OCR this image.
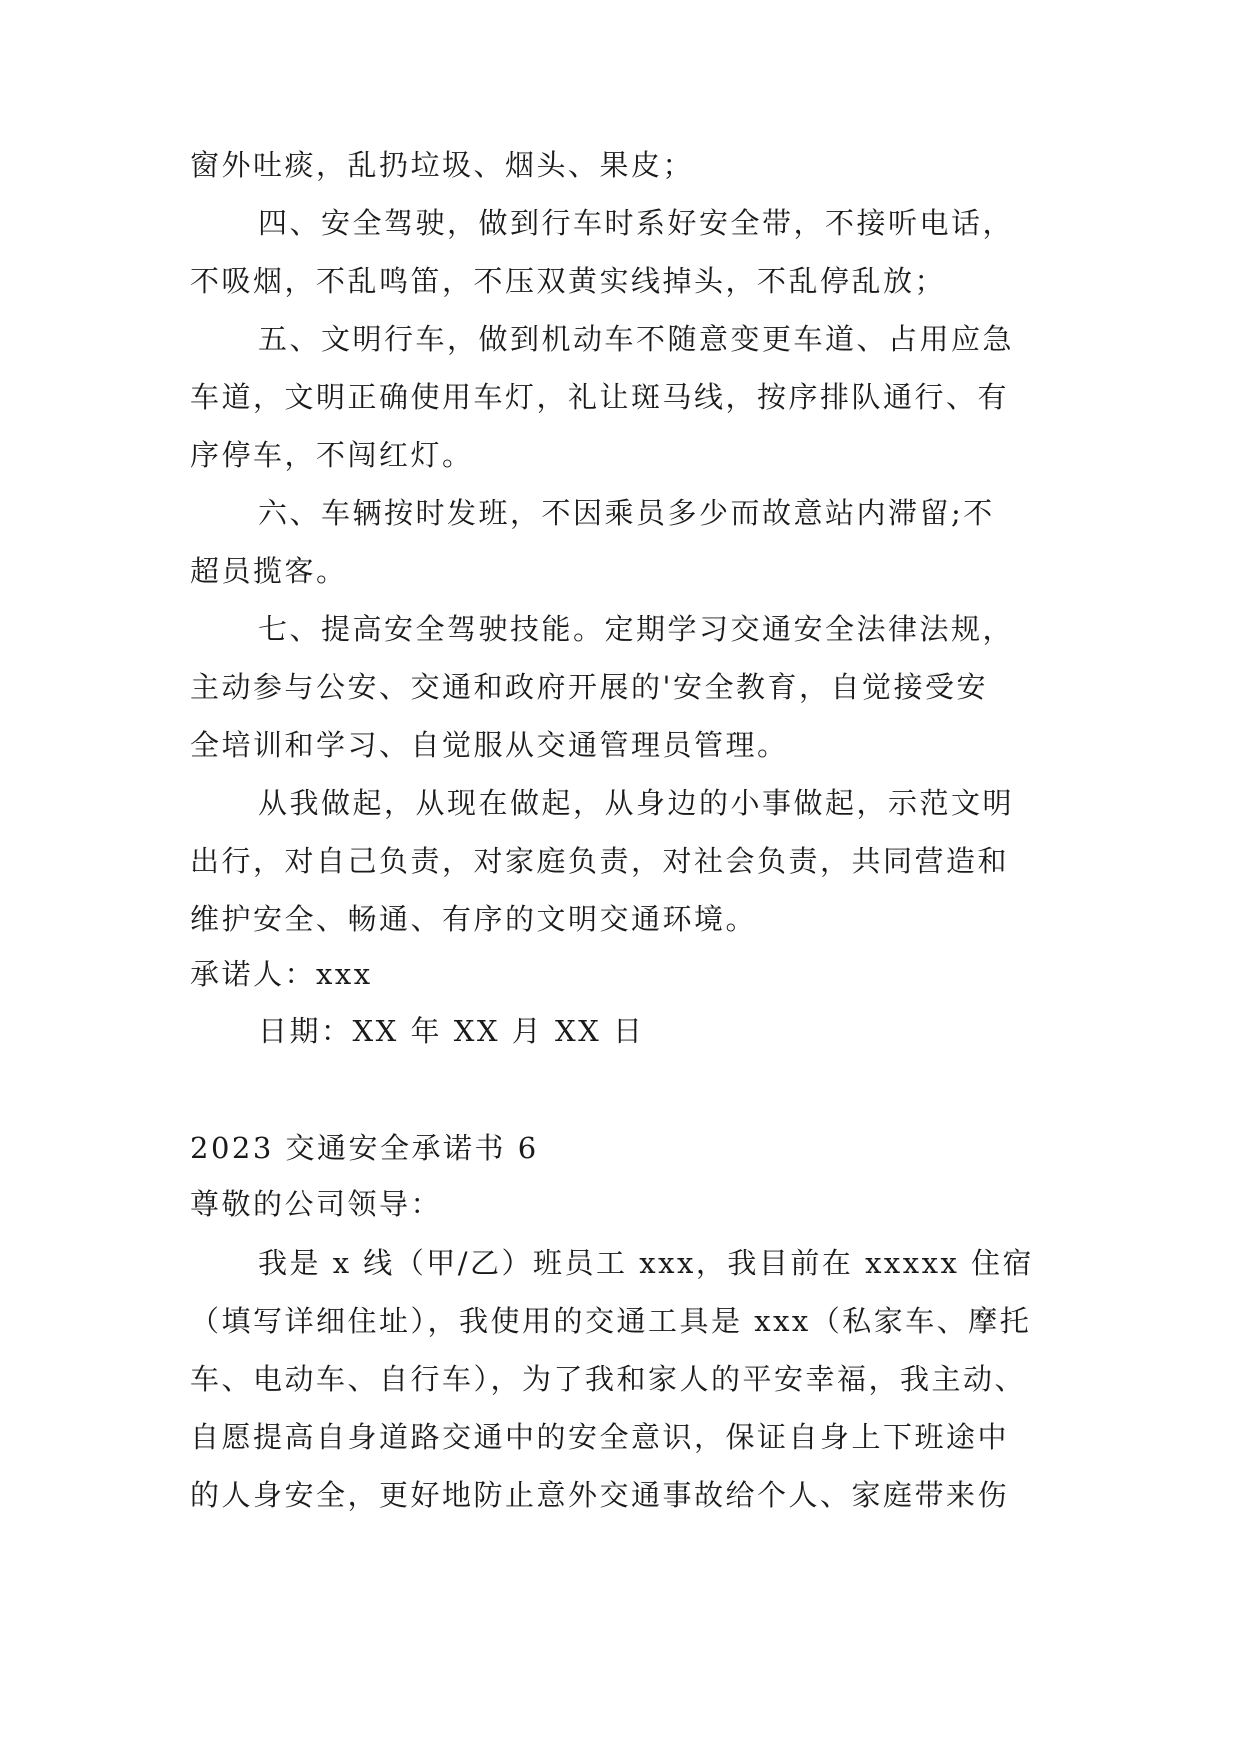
窗外吐痰，乱扔垃圾、烟头、果皮；
四、安全驾驶，做到行车时系好安全带，不接听电话，
不吸烟，不乱鸣笛，不压双黄实线掉头，不乱停乱放；
五、文明行车，做到机动车不随意变更车道、占用应急
车道，文明正确使用车灯，礼让斑马线，按序排队通行、有
序停车，不闯红灯。
六、车辆按时发班，不因乘员多少而故意站内滞留;不
超员揽客。
七、提高安全驾驶技能。定期学习交通安全法律法规，
主动参与公安、交通和政府开展的'安全教育，自觉接受安
全培训和学习、自觉服从交通管理员管理。
从我做起，从现在做起，从身边的小事做起，示范文明
出行，对自己负责，对家庭负责，对社会负责，共同营造和
维护安全、畅通、有序的文明交通环境。
承诺人：xxx
日期：XX 年 XX 月 XX 日
2023 交通安全承诺书 6
尊敬的公司领导：
我是 x 线（甲/乙）班员工 xxx，我目前在 xxxxx 住宿
（填写详细住址），我使用的交通工具是 xxx（私家车、摩托
车、电动车、自行车），为了我和家人的平安幸福，我主动、
自愿提高自身道路交通中的安全意识，保证自身上下班途中
的人身安全，更好地防止意外交通事故给个人、家庭带来伤
